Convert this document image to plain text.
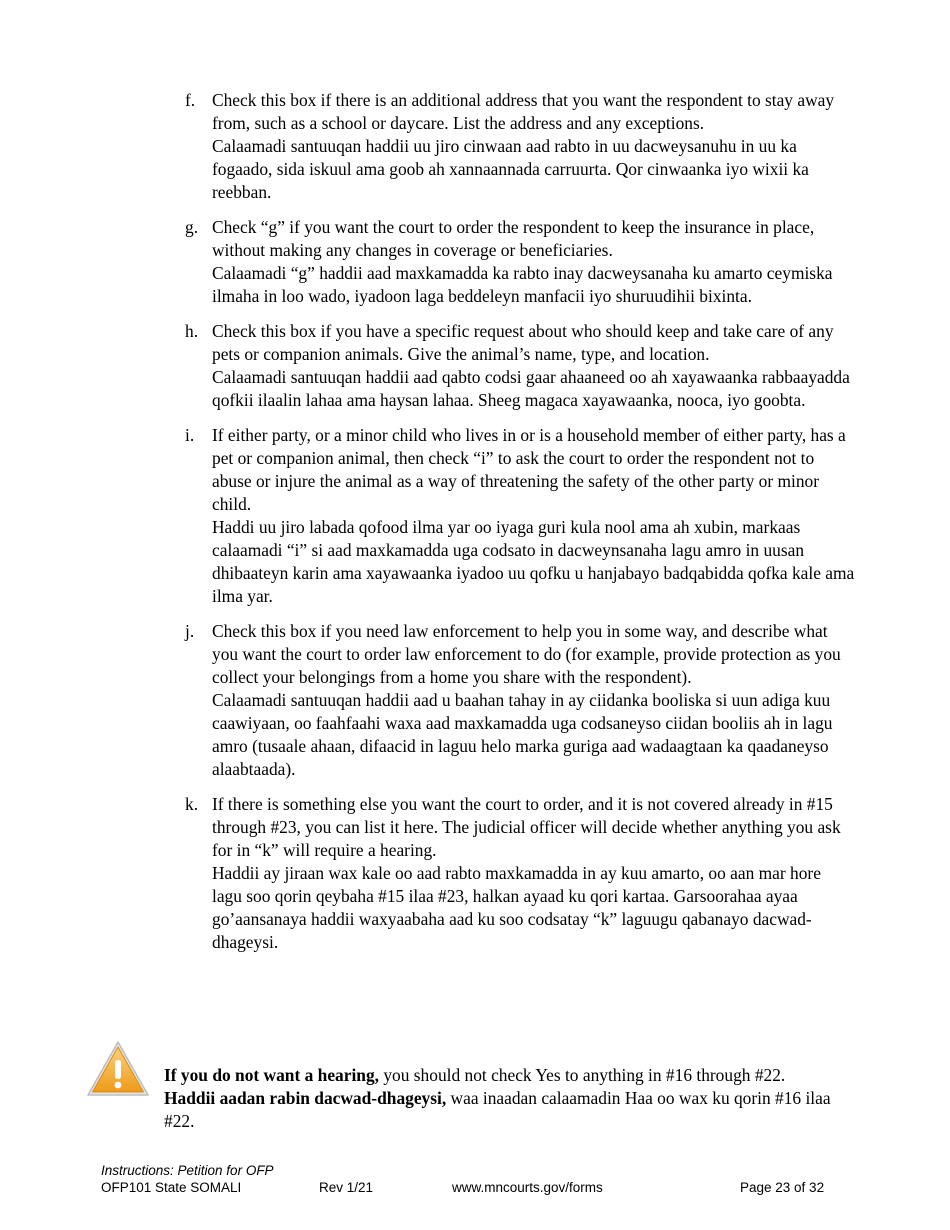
f. Check this box if there is an additional address that you want the respondent to stay away from, such as a school or daycare. List the address and any exceptions.

Calaamadi santuuqan haddii uu jiro cinwaan aad rabto in uu dacweysanuhu in uu ka fogaado, sida iskuul ama goob ah xannaannada carruurta. Qor cinwaanka iyo wixii ka reebban.

g. Check “g” if you want the court to order the respondent to keep the insurance in place, without making any changes in coverage or beneficiaries.

Calaamadi “g” haddii aad maxkamadda ka rabto inay dacweysanaha ku amarto ceymiska ilmaha in loo wado, iyadoon laga beddeleyn manfacii iyo shuruudihii bixinta.

h. Check this box if you have a specific request about who should keep and take care of any pets or companion animals. Give the animal’s name, type, and location.

Calaamadi santuuqan haddii aad qabto codsi gaar ahaaneed oo ah xayawaanka rabbaayadda qofkii ilaalin lahaa ama haysan lahaa. Sheeg magaca xayawaanka, nooca, iyo goobta.

i.	If either party, or a minor child who lives in or is a household member of either party, has a pet or companion animal, then check “i” to ask the court to order the respondent not to abuse or injure the animal as a way of threatening the safety of the other party or minor child.

Haddi uu jiro labada qofood ilma yar oo iyaga guri kula nool ama ah xubin, markaas calaamadi “i” si aad maxkamadda uga codsato in dacweynsanaha lagu amro in uusan dhibaateyn karin ama xayawaanka iyadoo uu qofku u hanjabayo badqabidda qofka kale ama ilma yar.

j.	Check this box if you need law enforcement to help you in some way, and describe what you want the court to order law enforcement to do (for example, provide protection as you collect your belongings from a home you share with the respondent).

Calaamadi santuuqan haddii aad u baahan tahay in ay ciidanka booliska si uun adiga kuu caawiyaan, oo faahfaahi waxa aad maxkamadda uga codsaneyso ciidan booliis ah in lagu amro (tusaale ahaan, difaacid in laguu helo marka guriga aad wadaagtaan ka qaadaneyso alaabtaada).

k. If there is something else you want the court to order, and it is not covered already in #15 through #23, you can list it here. The judicial officer will decide whether anything you ask for in “k” will require a hearing.

Haddii ay jiraan wax kale oo aad rabto maxkamadda in ay kuu amarto, oo aan mar hore lagu soo qorin qeybaha #15 ilaa #23, halkan ayaad ku qori kartaa. Garsoorahaa ayaa go’aansanaya haddii waxyaabaha aad ku soo codsatay “k” laguugu qabanayo dacwad-dhageysi.

If you do not want a hearing, you should not check Yes to anything in #16 through #22.

Haddii aadan rabin dacwad-dhageysi, waa inaadan calaamadin Haa oo wax ku qorin #16 ilaa #22.

Instructions: Petition for OFP
OFP101 State SOMALI	Rev 1/21	www.mncourts.gov/forms	Page 23 of 32
